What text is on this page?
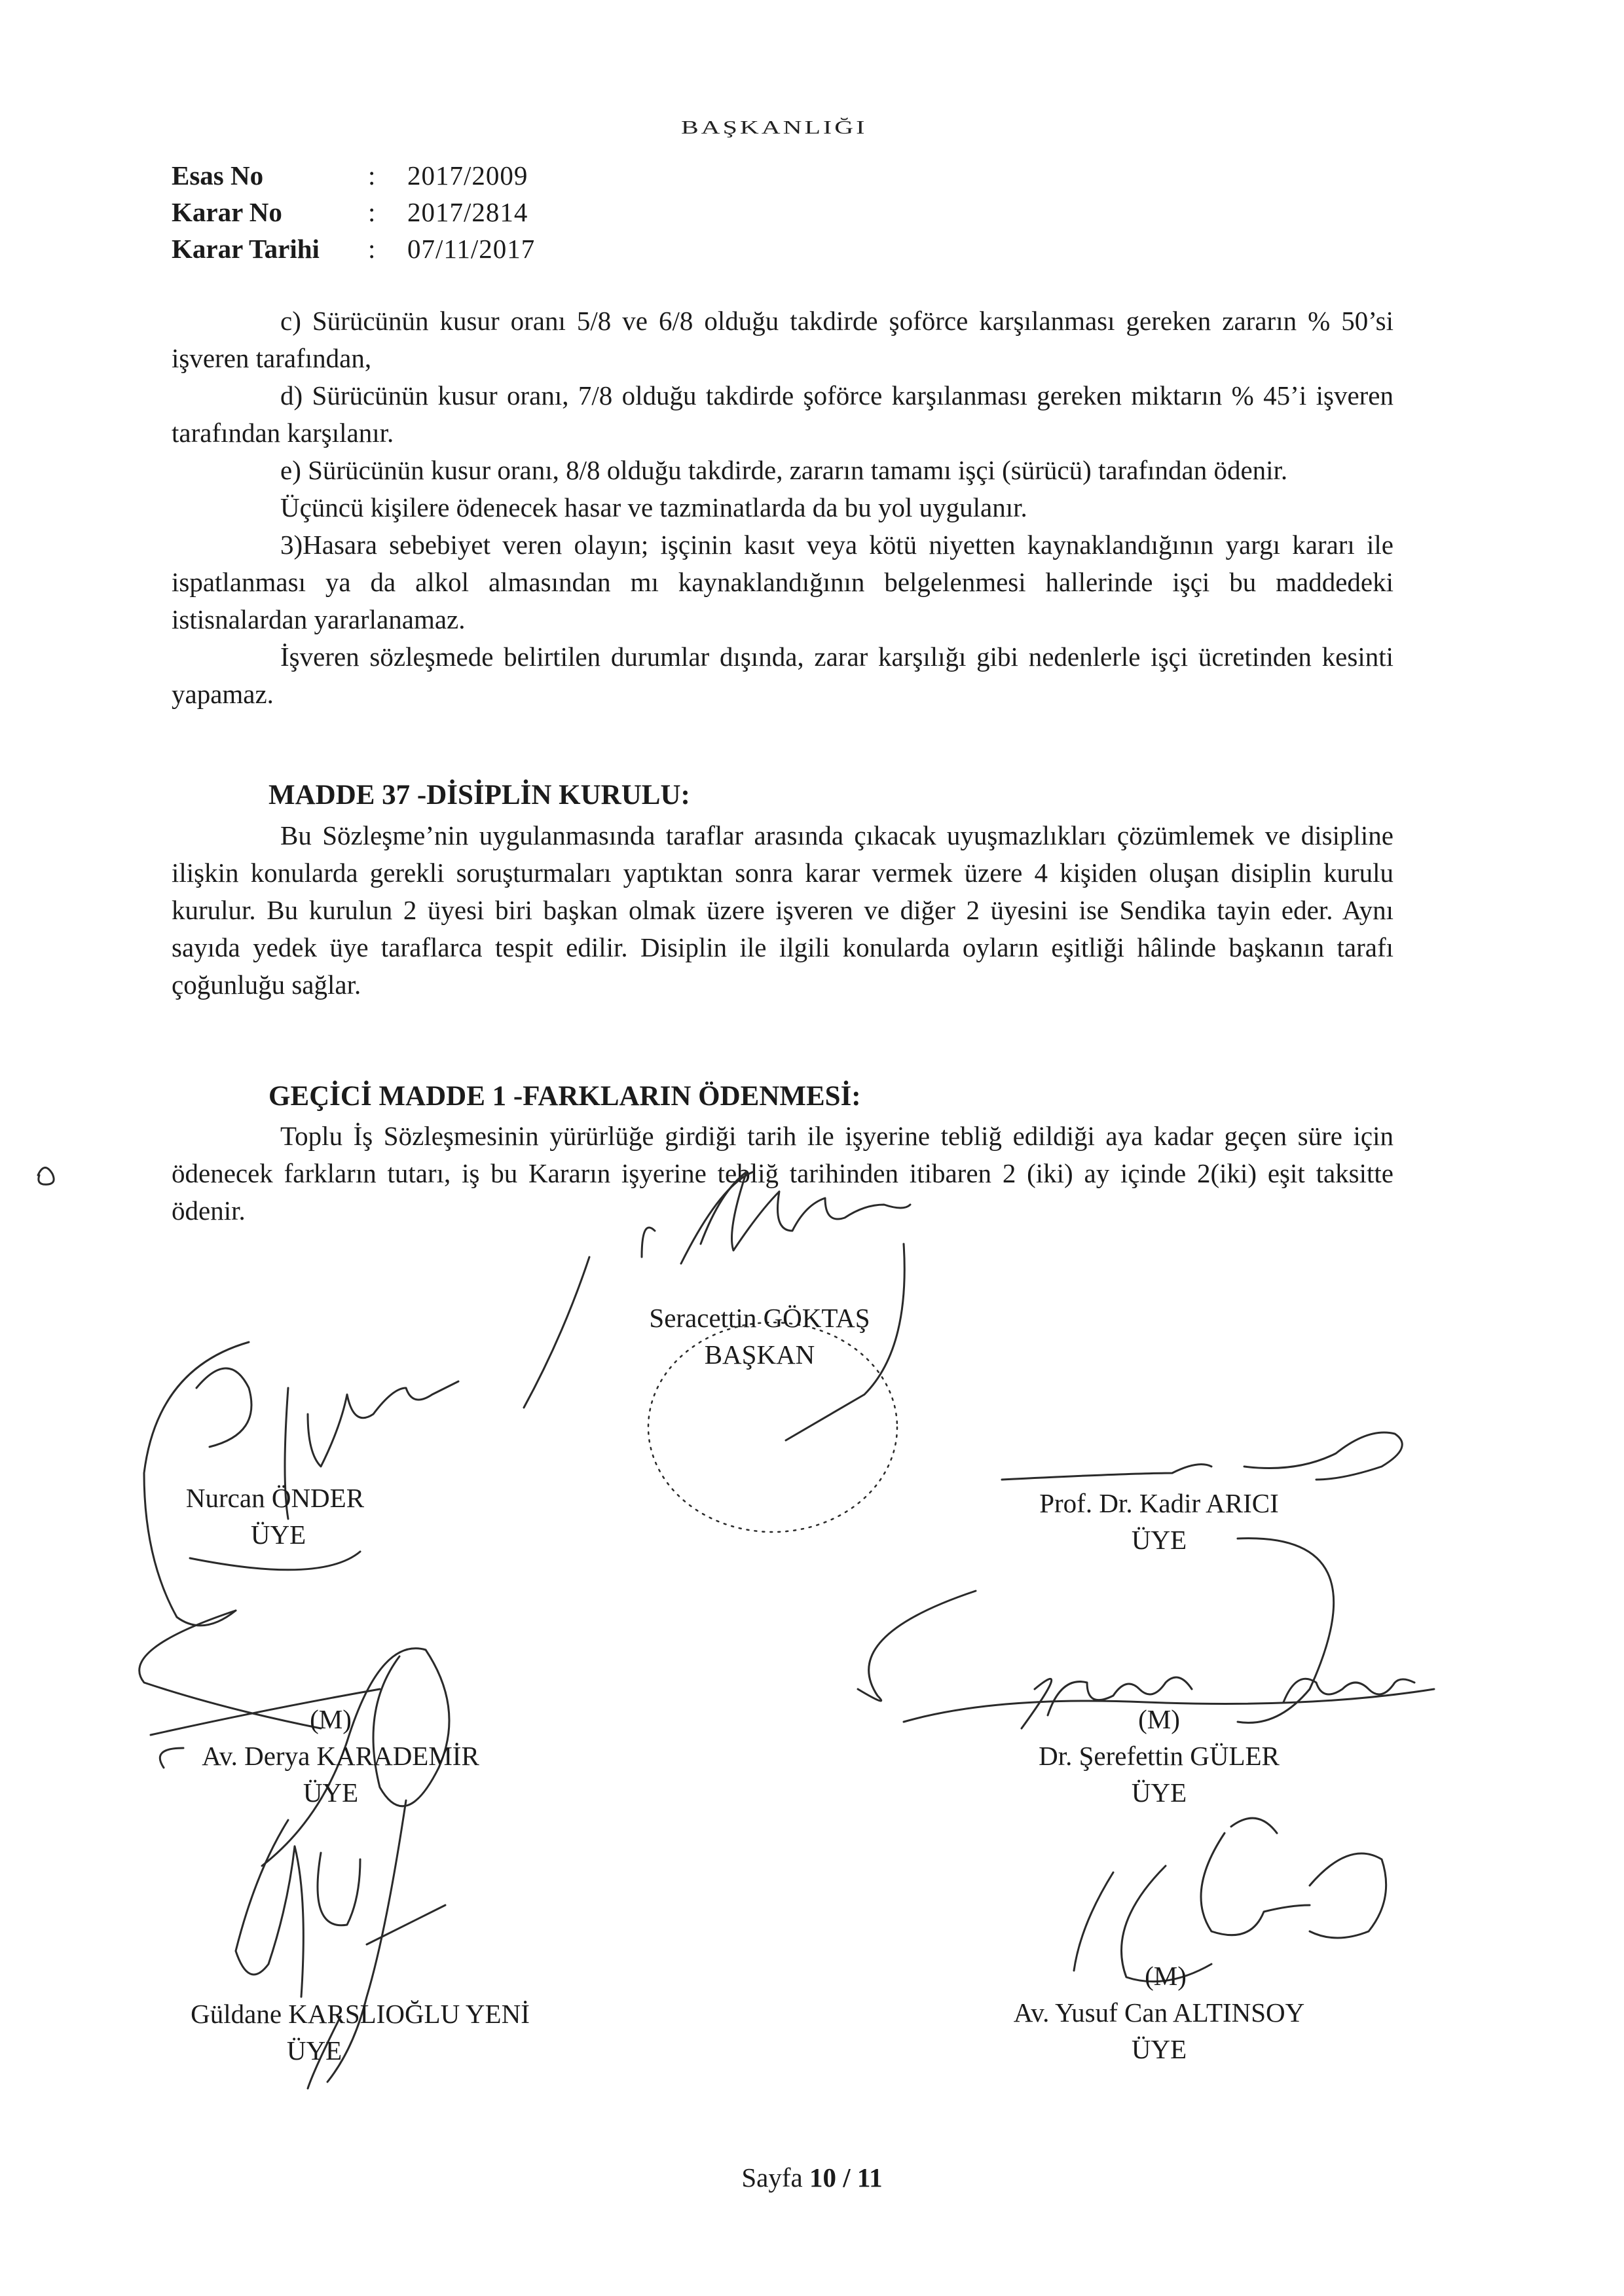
BAŞKANLIĞI
Esas No	:	2017/2009
Karar No	:	2017/2814
Karar Tarihi	:	07/11/2017

c) Sürücünün kusur oranı 5/8 ve 6/8 olduğu takdirde şoförce karşılanması gereken zararın % 50’si işveren tarafından,

d) Sürücünün kusur oranı, 7/8 olduğu takdirde şoförce karşılanması gereken miktarın % 45’i işveren tarafından karşılanır.

e) Sürücünün kusur oranı, 8/8 olduğu takdirde, zararın tamamı işçi (sürücü) tarafından ödenir.

Üçüncü kişilere ödenecek hasar ve tazminatlarda da bu yol uygulanır.

3)Hasara sebebiyet veren olayın; işçinin kasıt veya kötü niyetten kaynaklandığının yargı kararı ile ispatlanması ya da alkol almasından mı kaynaklandığının belgelenmesi hallerinde işçi bu maddedeki istisnalardan yararlanamaz.

İşveren sözleşmede belirtilen durumlar dışında, zarar karşılığı gibi nedenlerle işçi ücretinden kesinti yapamaz.

MADDE 37 -DİSİPLİN KURULU:

Bu Sözleşme’nin uygulanmasında taraflar arasında çıkacak uyuşmazlıkları çözümlemek ve disipline ilişkin konularda gerekli soruşturmaları yaptıktan sonra karar vermek üzere 4 kişiden oluşan disiplin kurulu kurulur. Bu kurulun 2 üyesi biri başkan olmak üzere işveren ve diğer 2 üyesini ise Sendika tayin eder. Aynı sayıda yedek üye taraflarca tespit edilir. Disiplin ile ilgili konularda oyların eşitliği hâlinde başkanın tarafı çoğunluğu sağlar.

GEÇİCİ MADDE 1 -FARKLARIN ÖDENMESİ:

Toplu İş Sözleşmesinin yürürlüğe girdiği tarih ile işyerine tebliğ edildiği aya kadar geçen süre için ödenecek farkların tutarı, iş bu Kararın işyerine tebliğ tarihinden itibaren 2 (iki) ay içinde 2(iki) eşit taksitte ödenir.

Seracettin GÖKTAŞ
BAŞKAN
Nurcan ÖNDER
ÜYE
Prof. Dr. Kadir ARICI
ÜYE
(M)
Av. Derya KARADEMİR
ÜYE
(M)
Dr. Şerefettin GÜLER
ÜYE
Güldane KARSLIOĞLU YENİ
ÜYE
(M)
Av. Yusuf Can ALTINSOY
ÜYE
Sayfa 10 / 11
